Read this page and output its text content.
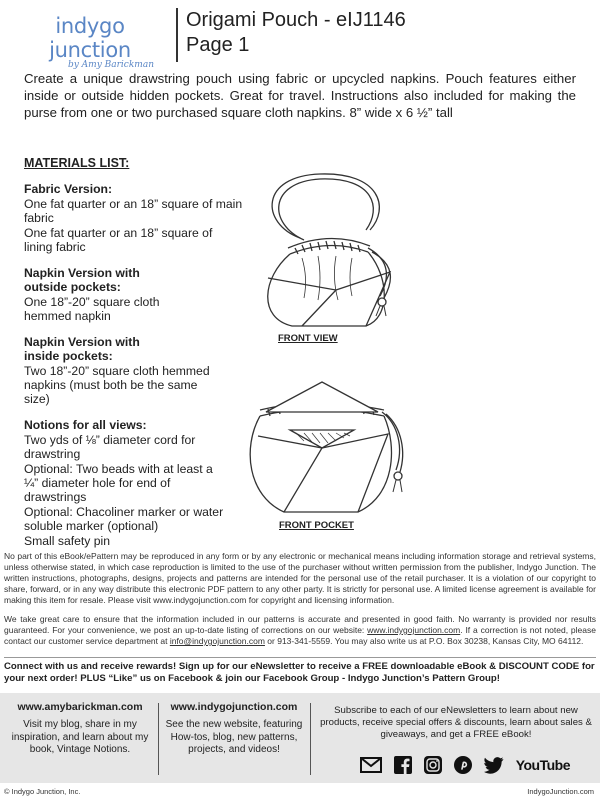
indygo junction
by Amy Barickman
Origami Pouch - eIJ1146
Page 1

Create a unique drawstring pouch using fabric or upcycled napkins. Pouch features either inside or outside hidden pockets. Great for travel. Instructions also included for making the purse from one or two purchased square cloth napkins. 8” wide x 6 ½” tall

MATERIALS LIST:
Fabric Version:
One fat quarter or an 18” square of main fabric
One fat quarter or an 18” square of lining fabric
Napkin Version with outside pockets:
One 18”-20” square cloth hemmed napkin
Napkin Version with inside pockets:
Two 18”-20” square cloth hemmed napkins (must both be the same size)
Notions for all views:
Two yds of ⅛” diameter cord for drawstring
Optional: Two beads with at least a ¼” diameter hole for end of drawstrings
Optional: Chacoliner marker or water soluble marker (optional)
Small safety pin
FRONT VIEW
FRONT POCKET

No part of this eBook/ePattern may be reproduced in any form or by any electronic or mechanical means including information storage and retrieval systems, unless otherwise stated, in which case reproduction is limited to the use of the purchaser without written permission from the publisher, Indygo Junction. The written instructions, photographs, designs, projects and patterns are intended for the personal use of the retail purchaser. It is a violation of our copyright to share, forward, or in any way distribute this electronic PDF pattern to any other party. It is strictly for personal use. A limited license agreement is available for making this item for resale. Please visit www.indygojunction.com for copyright and licensing information.

We take great care to ensure that the information included in our patterns is accurate and presented in good faith. No warranty is provided nor results guaranteed. For your convenience, we post an up-to-date listing of corrections on our website: www.indygojunction.com. If a correction is not noted, please contact our customer service department at info@indygojunction.com or 913-341-5559. You may also write us at P.O. Box 30238, Kansas City, MO 64112.

Connect with us and receive rewards! Sign up for our eNewsletter to receive a FREE downloadable eBook & DISCOUNT CODE for your next order! PLUS “Like” us on Facebook & join our Facebook Group - Indygo Junction’s Pattern Group!

www.amybarickman.com
Visit my blog, share in my inspiration, and learn about my book, Vintage Notions.
www.indygojunction.com
See the new website, featuring How-tos, blog, new patterns, projects, and videos!
Subscribe to each of our eNewsletters to learn about new products, receive special offers & discounts, learn about sales & giveaways, and get a FREE eBook!
YouTube
© Indygo Junction, Inc.	IndygoJunction.com
